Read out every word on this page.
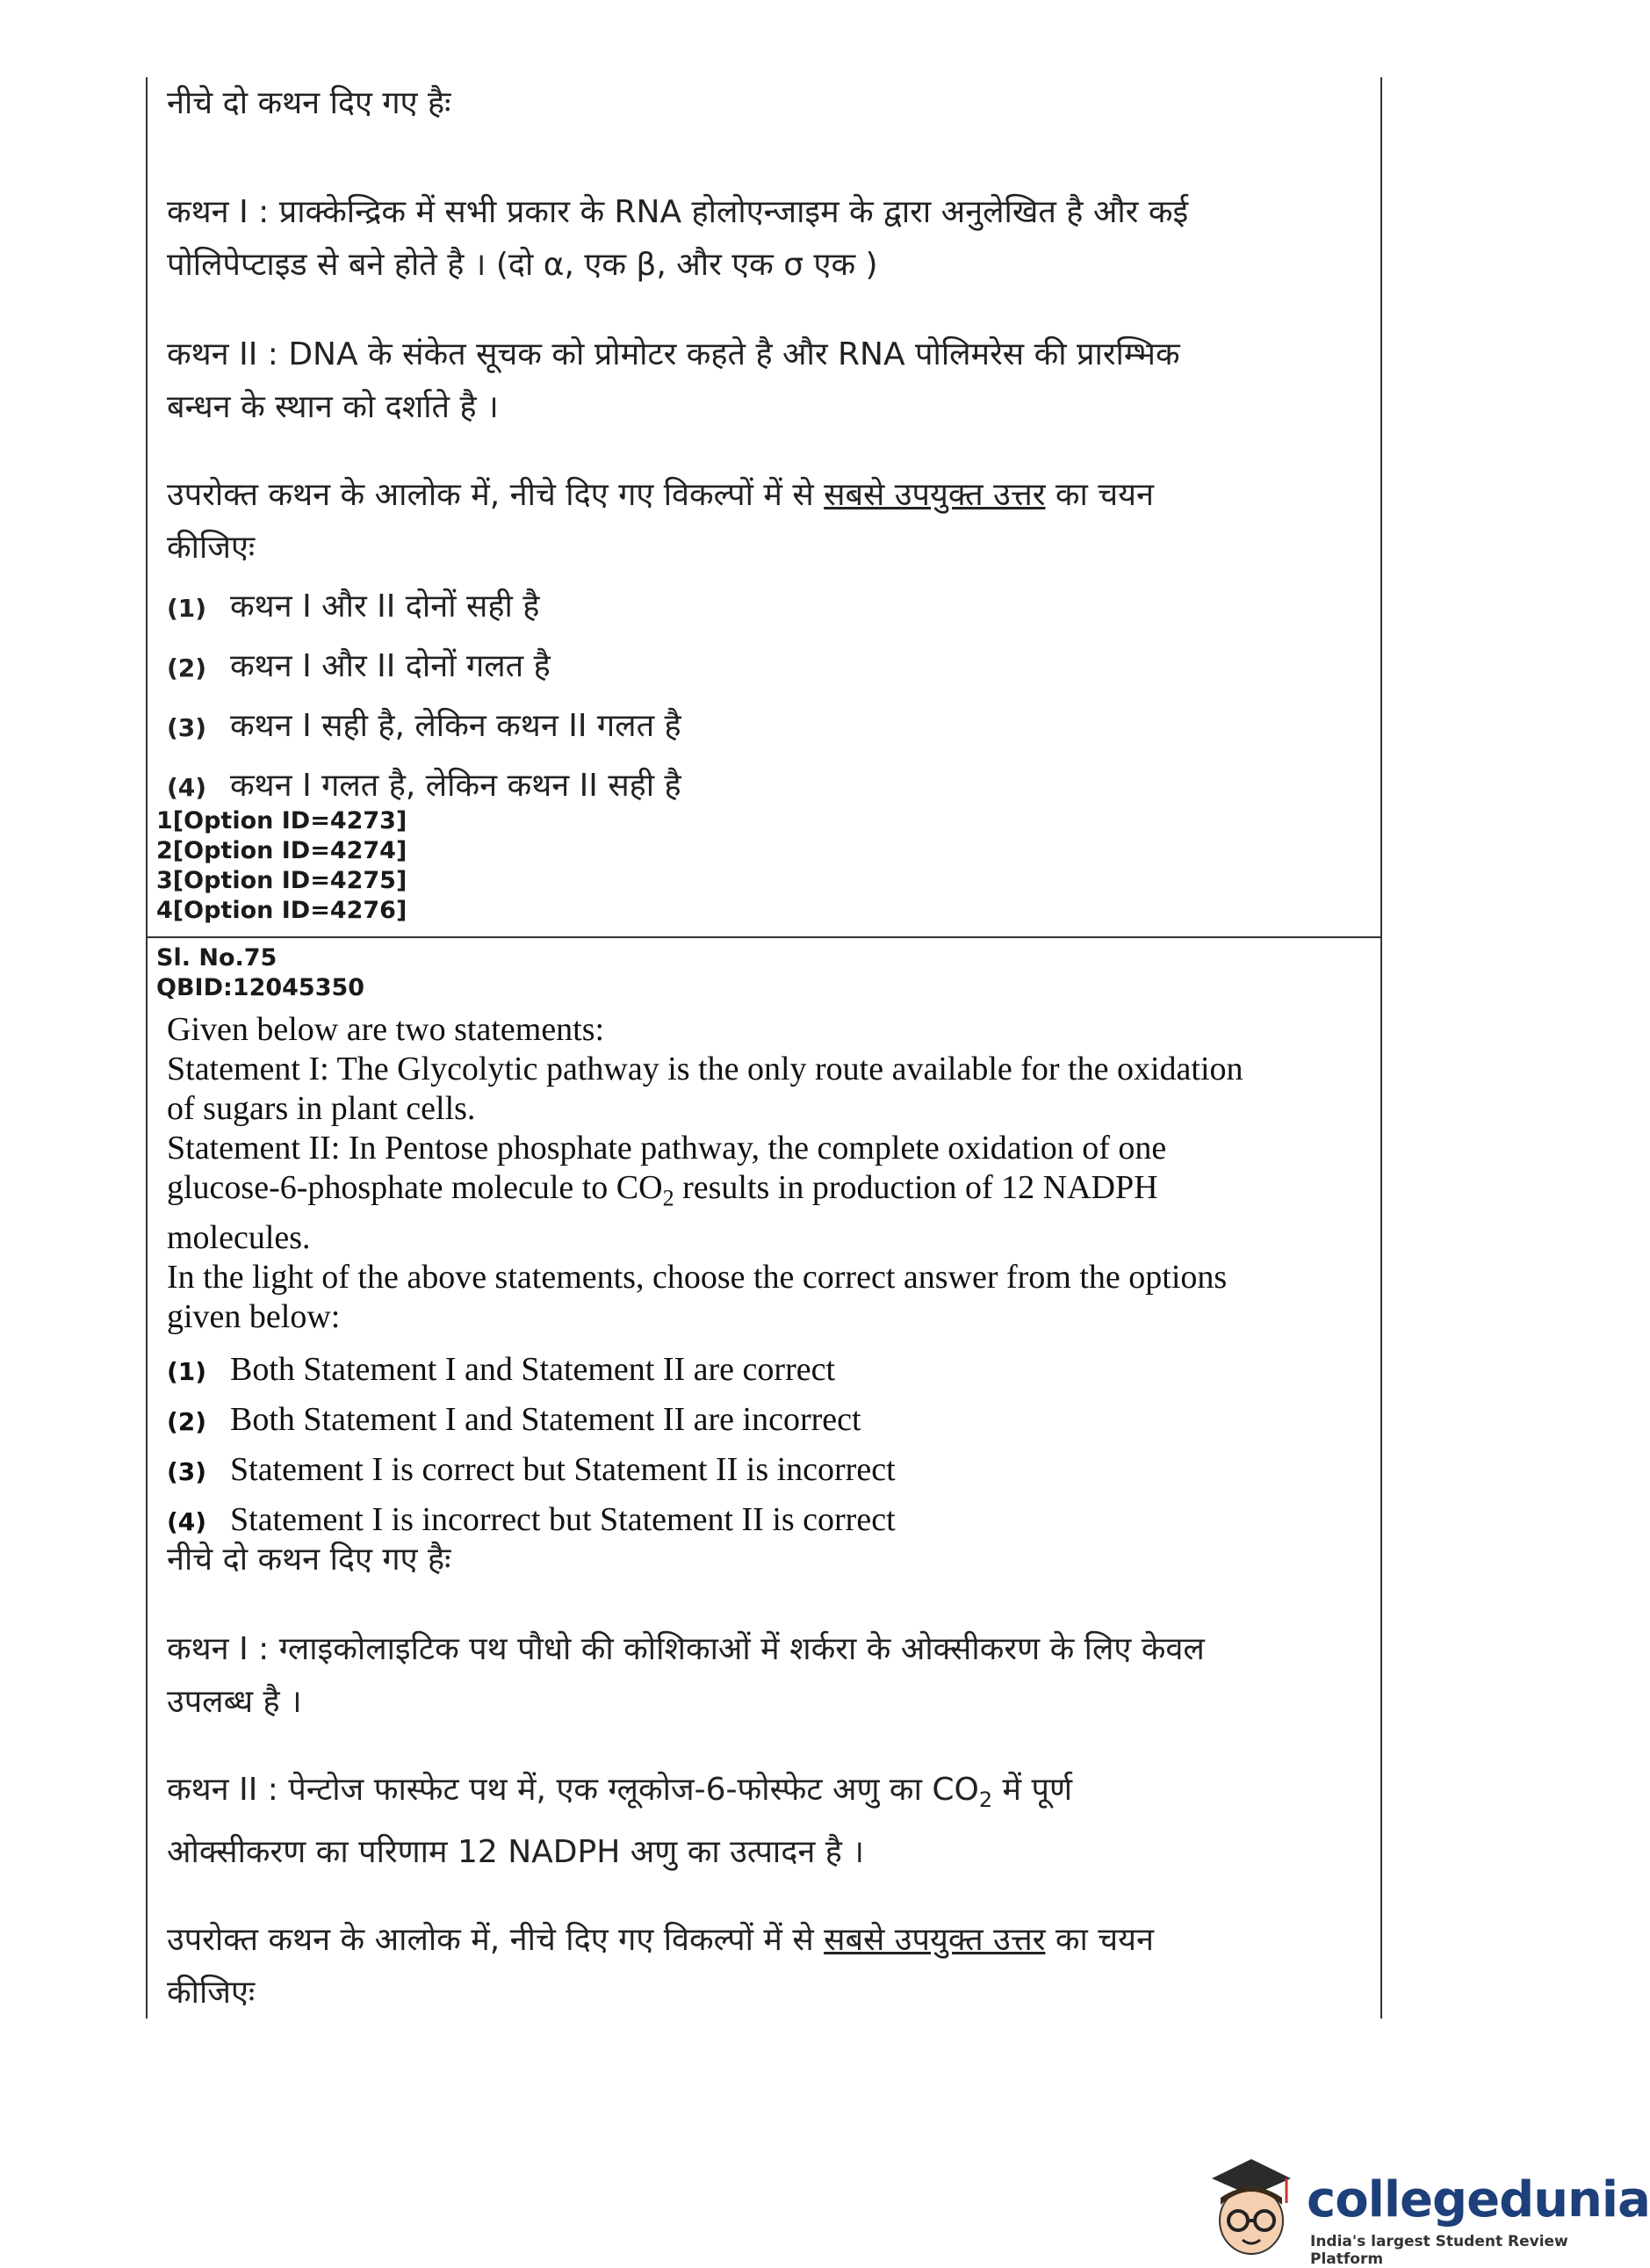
नीचे दो कथन दिए गए हैः
कथन I : प्राक्केन्द्रिक में सभी प्रकार के RNA होलोएन्जाइम के द्वारा अनुलेखित है और कई
पोलिपेप्टाइड से बने होते है । (दो α, एक β, और एक σ एक )
कथन II : DNA के संकेत सूचक को प्रोमोटर कहते है और RNA पोलिमरेस की प्रारम्भिक
बन्धन के स्थान को दर्शाते है ।
उपरोक्त कथन के आलोक में, नीचे दिए गए विकल्पों में से सबसे उपयुक्त उत्तर का चयन
कीजिएः
(1) कथन I और II दोनों सही है
(2) कथन I और II दोनों गलत है
(3) कथन I सही है, लेकिन कथन II गलत है
(4) कथन I गलत है, लेकिन कथन II सही है
1[Option ID=4273]
2[Option ID=4274]
3[Option ID=4275]
4[Option ID=4276]
Sl. No.75
QBID:12045350
Given below are two statements:
Statement I: The Glycolytic pathway is the only route available for the oxidation
of sugars in plant cells.
Statement II: In Pentose phosphate pathway, the complete oxidation of one
glucose-6-phosphate molecule to $CO_2$ results in production of 12 NADPH
molecules.
In the light of the above statements, choose the correct answer from the options
given below:
(1) Both Statement I and Statement II are correct
(2) Both Statement I and Statement II are incorrect
(3) Statement I is correct but Statement II is incorrect
(4) Statement I is incorrect but Statement II is correct
नीचे दो कथन दिए गए हैः
कथन I : ग्लाइकोलाइटिक पथ पौधो की कोशिकाओं में शर्करा के ओक्सीकरण के लिए केवल
उपलब्ध है ।
कथन II : पेन्टोज फास्फेट पथ में, एक ग्लूकोज-6-फोस्फेट अणु का $CO_2$ में पूर्ण
ओक्सीकरण का परिणाम 12 NADPH अणु का उत्पादन है ।
उपरोक्त कथन के आलोक में, नीचे दिए गए विकल्पों में से सबसे उपयुक्त उत्तर का चयन
कीजिएः
collegedunia
India's largest Student Review Platform
